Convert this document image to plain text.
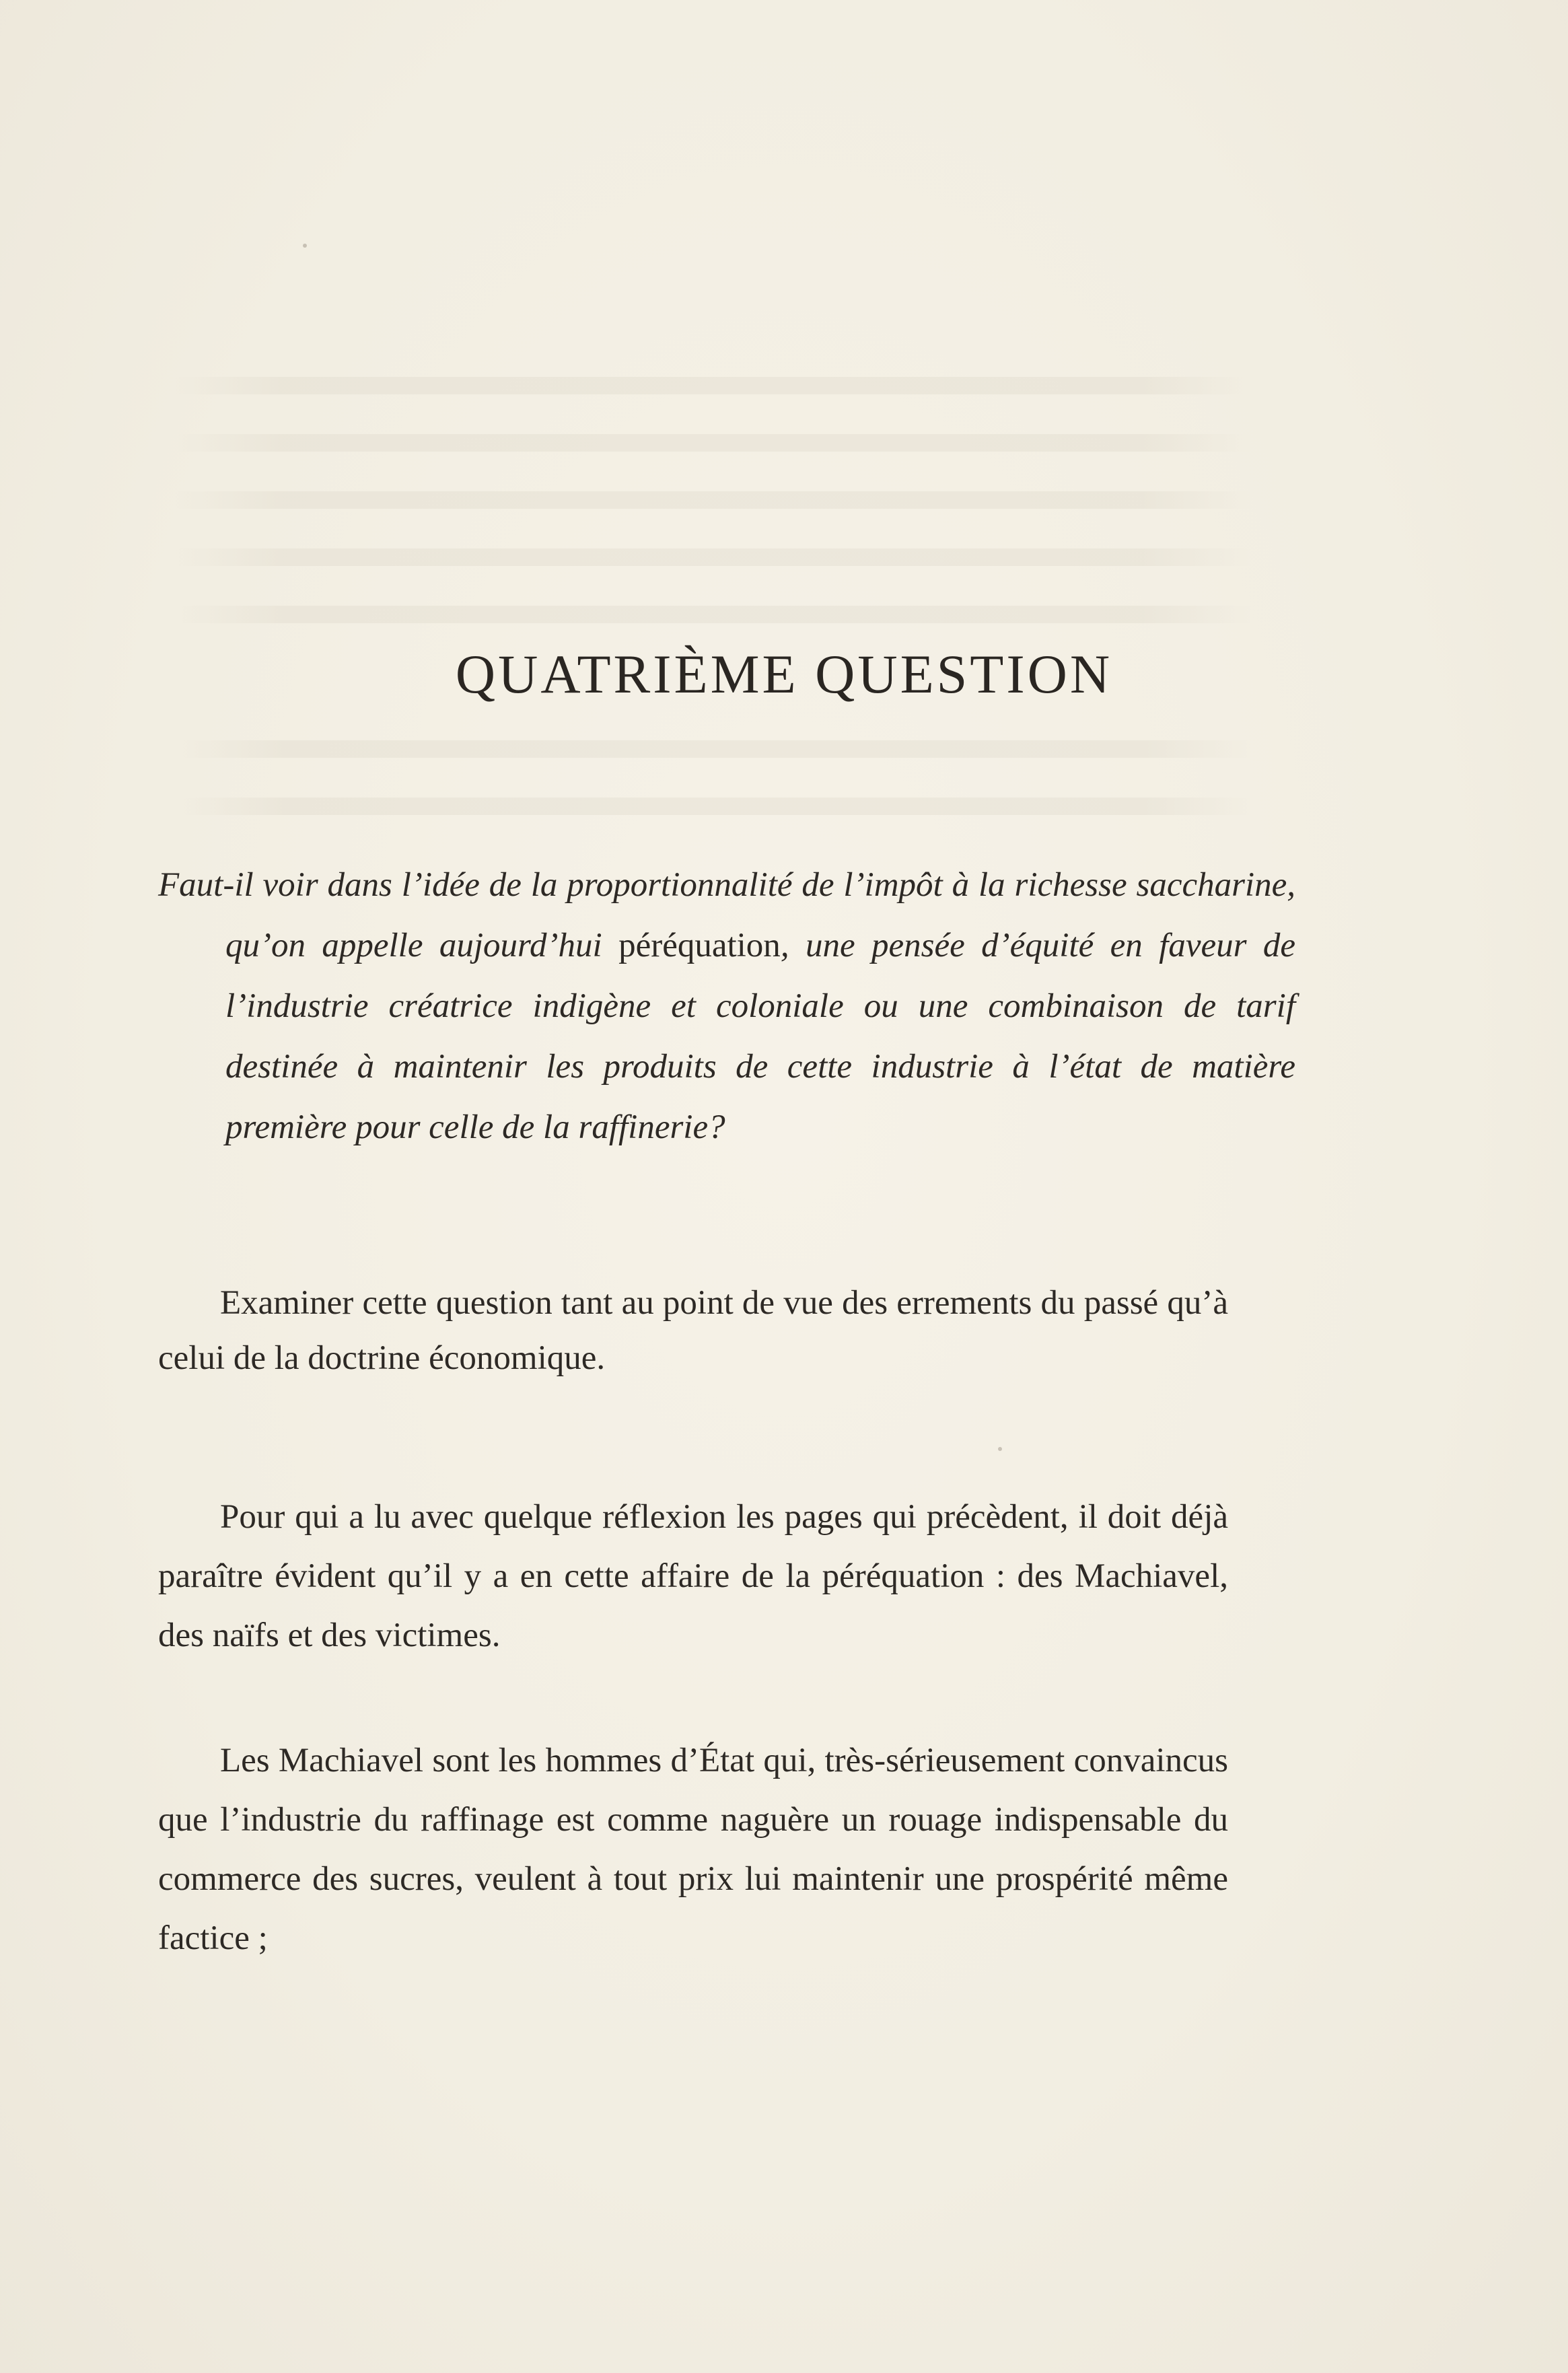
QUATRIÈME QUESTION

Faut-il voir dans l’idée de la proportionnalité de l’impôt à la richesse saccharine, qu’on appelle aujourd’hui péréquation, une pensée d’équité en faveur de l’industrie créatrice indigène et coloniale ou une combinaison de tarif destinée à maintenir les produits de cette industrie à l’état de matière première pour celle de la raffinerie?

Examiner cette question tant au point de vue des errements du passé qu’à celui de la doctrine économique.

Pour qui a lu avec quelque réflexion les pages qui précèdent, il doit déjà paraître évident qu’il y a en cette affaire de la péréquation : des Machiavel, des naïfs et des victimes.

Les Machiavel sont les hommes d’État qui, très-sérieusement convaincus que l’industrie du raffinage est comme naguère un rouage indispensable du commerce des sucres, veulent à tout prix lui maintenir une prospérité même factice ;
